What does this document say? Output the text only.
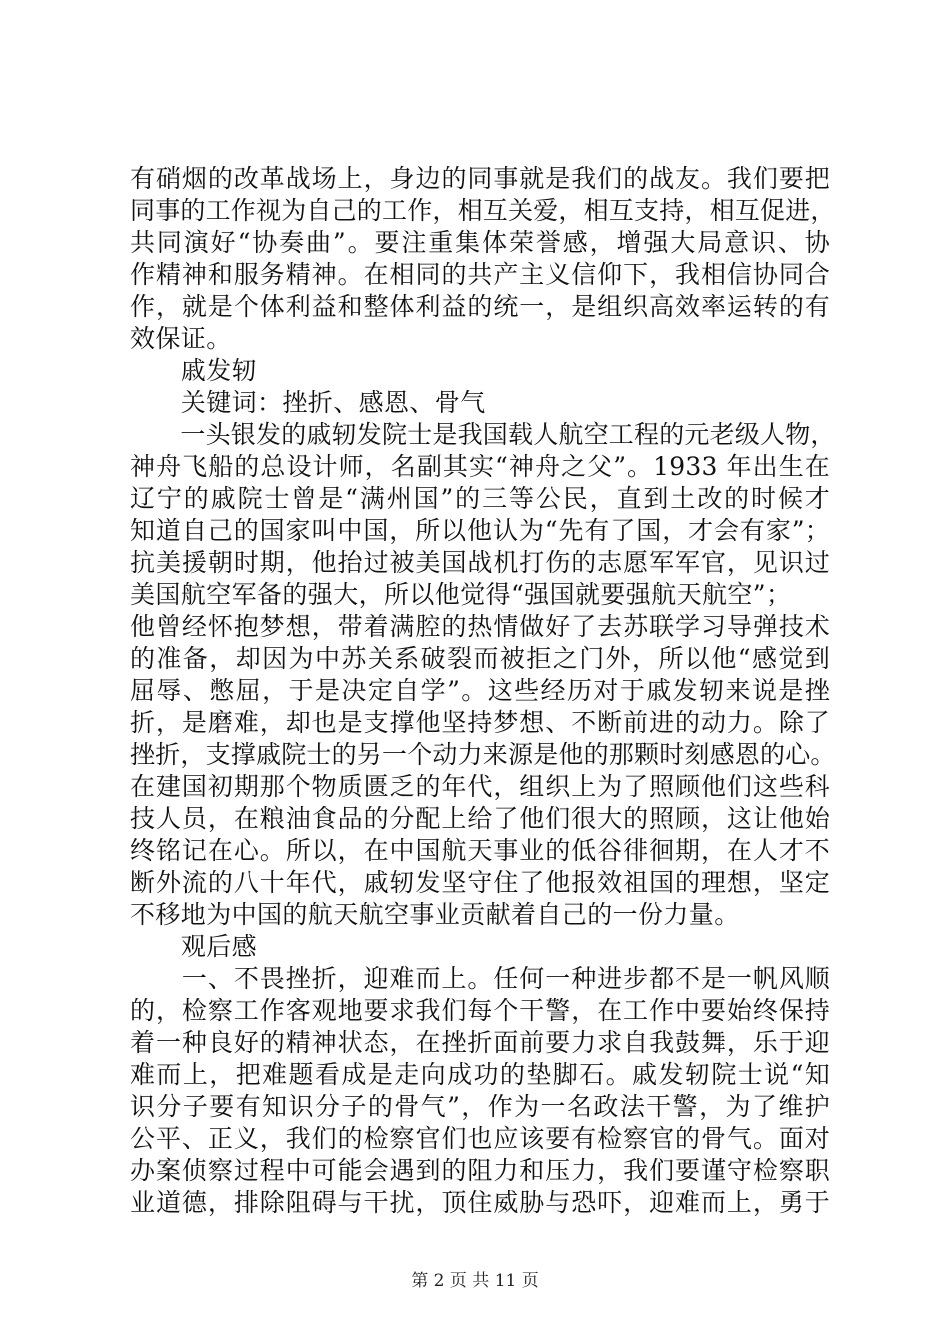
有硝烟的改革战场上，身边的同事就是我们的战友。我们要把
同事的工作视为自己的工作，相互关爱，相互支持，相互促进，
共同演好“协奏曲”。要注重集体荣誉感，增强大局意识、协
作精神和服务精神。在相同的共产主义信仰下，我相信协同合
作，就是个体利益和整体利益的统一，是组织高效率运转的有
效保证。
　　戚发轫
　　关键词：挫折、感恩、骨气
　　一头银发的戚轫发院士是我国载人航空工程的元老级人物，
神舟飞船的总设计师，名副其实“神舟之父”。1933 年出生在
辽宁的戚院士曾是“满州国”的三等公民，直到土改的时候才
知道自己的国家叫中国，所以他认为“先有了国，才会有家”；
抗美援朝时期，他抬过被美国战机打伤的志愿军军官，见识过
美国航空军备的强大，所以他觉得“强国就要强航天航空”；
他曾经怀抱梦想，带着满腔的热情做好了去苏联学习导弹技术
的准备，却因为中苏关系破裂而被拒之门外，所以他“感觉到
屈辱、憋屈，于是决定自学”。这些经历对于戚发轫来说是挫
折，是磨难，却也是支撑他坚持梦想、不断前进的动力。除了
挫折，支撑戚院士的另一个动力来源是他的那颗时刻感恩的心。
在建国初期那个物质匮乏的年代，组织上为了照顾他们这些科
技人员，在粮油食品的分配上给了他们很大的照顾，这让他始
终铭记在心。所以，在中国航天事业的低谷徘徊期，在人才不
断外流的八十年代，戚轫发坚守住了他报效祖国的理想，坚定
不移地为中国的航天航空事业贡献着自己的一份力量。
　　观后感
　　一、不畏挫折，迎难而上。任何一种进步都不是一帆风顺
的，检察工作客观地要求我们每个干警，在工作中要始终保持
着一种良好的精神状态，在挫折面前要力求自我鼓舞，乐于迎
难而上，把难题看成是走向成功的垫脚石。戚发轫院士说“知
识分子要有知识分子的骨气”，作为一名政法干警，为了维护
公平、正义，我们的检察官们也应该要有检察官的骨气。面对
办案侦察过程中可能会遇到的阻力和压力，我们要谨守检察职
业道德，排除阻碍与干扰，顶住威胁与恐吓，迎难而上，勇于
第 2 页 共 11 页
